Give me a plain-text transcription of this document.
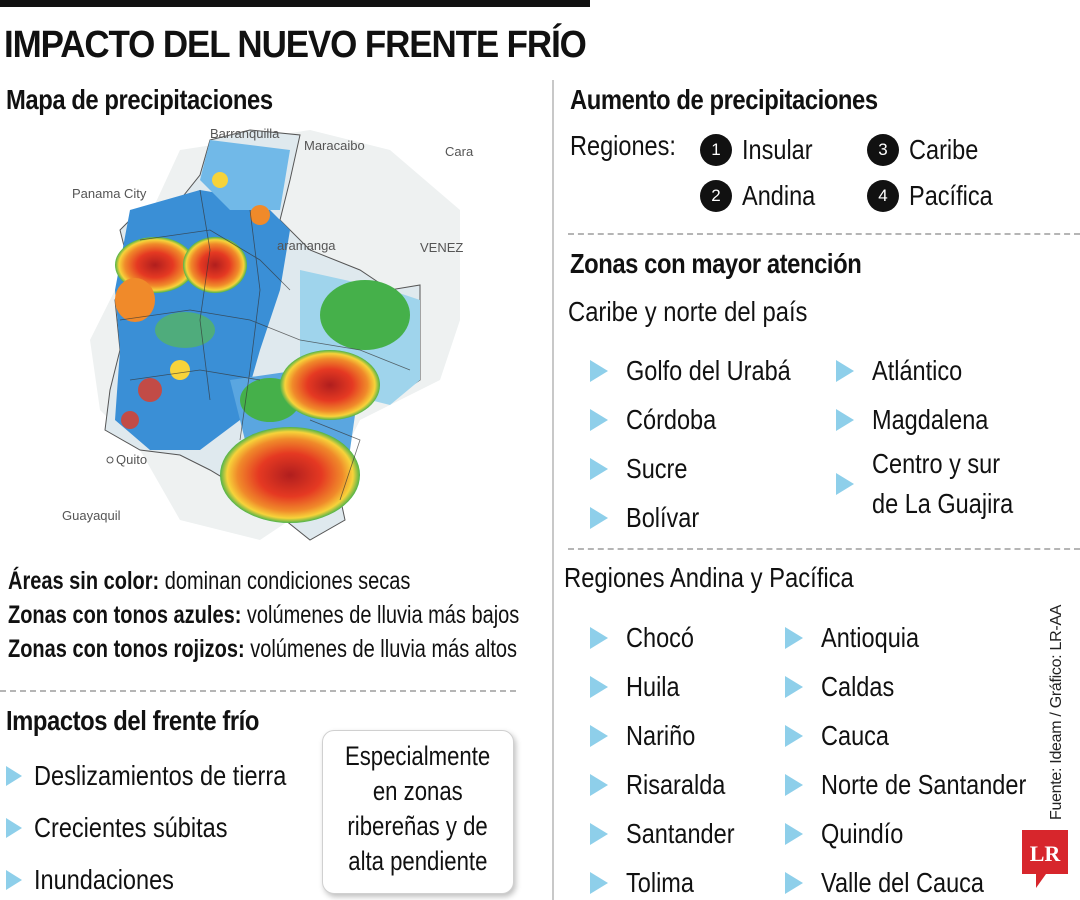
IMPACTO DEL NUEVO FRENTE FRÍO
Mapa de precipitaciones
Barranquilla
Maracaibo	Cara
Panama City
aramanga	VENEZ
Quito
Guayaquil
Áreas sin color: dominan condiciones secas
Zonas con tonos azules: volúmenes de lluvia más bajos
Zonas con tonos rojizos: volúmenes de lluvia más altos
Impactos del frente frío
Deslizamientos de tierra
Crecientes súbitas
Inundaciones
Especialmente
en zonas
ribereñas y de
alta pendiente
Aumento de precipitaciones
Regiones:	1 Insular
2 Andina
3 Caribe
4 Pacífica
Zonas con mayor atención
Caribe y norte del país
Golfo del Urabá
Córdoba
Sucre
Bolívar
Atlántico
Magdalena
Centro y sur
de La Guajira
Regiones Andina y Pacífica
Chocó
Huila
Nariño
Risaralda
Santander
Tolima
Antioquia
Caldas
Cauca
Norte de Santander
Quindío
Valle del Cauca
Fuente: Ideam / Gráfico: LR-AA
LR
